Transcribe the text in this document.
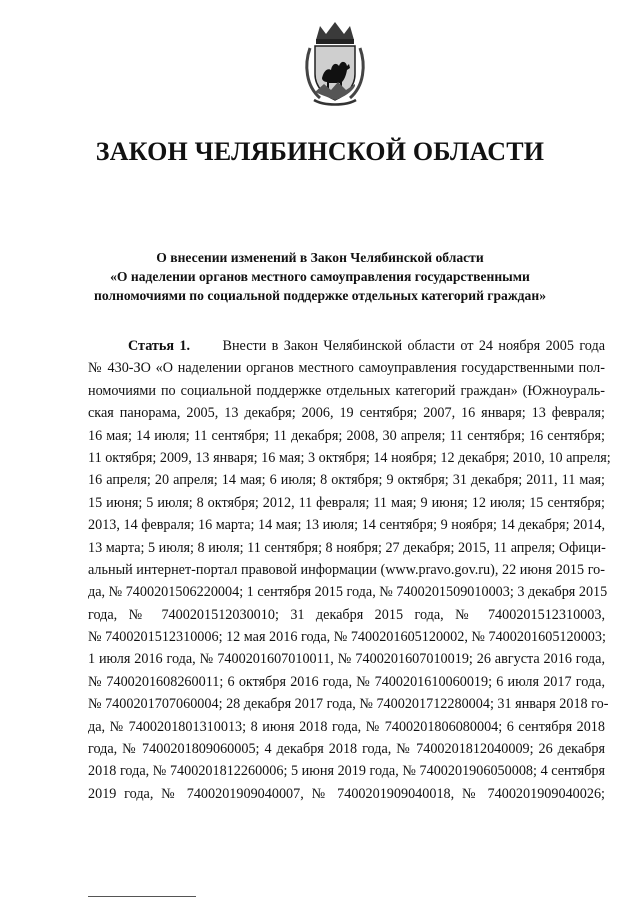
ЗАКОН ЧЕЛЯБИНСКОЙ ОБЛАСТИ
О внесении изменений в Закон Челябинской области
«О наделении органов местного самоуправления государственными
полномочиями по социальной поддержке отдельных категорий граждан»
Статья 1. Внести в Закон Челябинской области от 24 ноября 2005 года
№ 430-ЗО «О наделении органов местного самоуправления государственными пол-
номочиями по социальной поддержке отдельных категорий граждан» (Южноураль-
ская панорама, 2005, 13 декабря; 2006, 19 сентября; 2007, 16 января; 13 февраля;
16 мая; 14 июля; 11 сентября; 11 декабря; 2008, 30 апреля; 11 сентября; 16 сентября;
11 октября; 2009, 13 января; 16 мая; 3 октября; 14 ноября; 12 декабря; 2010, 10 апреля;
16 апреля; 20 апреля; 14 мая; 6 июля; 8 октября; 9 октября; 31 декабря; 2011, 11 мая;
15 июня; 5 июля; 8 октября; 2012, 11 февраля; 11 мая; 9 июня; 12 июля; 15 сентября;
2013, 14 февраля; 16 марта; 14 мая; 13 июля; 14 сентября; 9 ноября; 14 декабря; 2014,
13 марта; 5 июля; 8 июля; 11 сентября; 8 ноября; 27 декабря; 2015, 11 апреля; Офици-
альный интернет-портал правовой информации (www.pravo.gov.ru), 22 июня 2015 го-
да, № 7400201506220004; 1 сентября 2015 года, № 7400201509010003; 3 декабря 2015
года, № 7400201512030010; 31 декабря 2015 года, № 7400201512310003,
№ 7400201512310006; 12 мая 2016 года, № 7400201605120002, № 7400201605120003;
1 июля 2016 года, № 7400201607010011, № 7400201607010019; 26 августа 2016 года,
№ 7400201608260011; 6 октября 2016 года, № 7400201610060019; 6 июля 2017 года,
№ 7400201707060004; 28 декабря 2017 года, № 7400201712280004; 31 января 2018 го-
да, № 7400201801310013; 8 июня 2018 года, № 7400201806080004; 6 сентября 2018
года, № 7400201809060005; 4 декабря 2018 года, № 7400201812040009; 26 декабря
2018 года, № 7400201812260006; 5 июня 2019 года, № 7400201906050008; 4 сентября
2019 года, № 7400201909040007, № 7400201909040018, № 7400201909040026;
